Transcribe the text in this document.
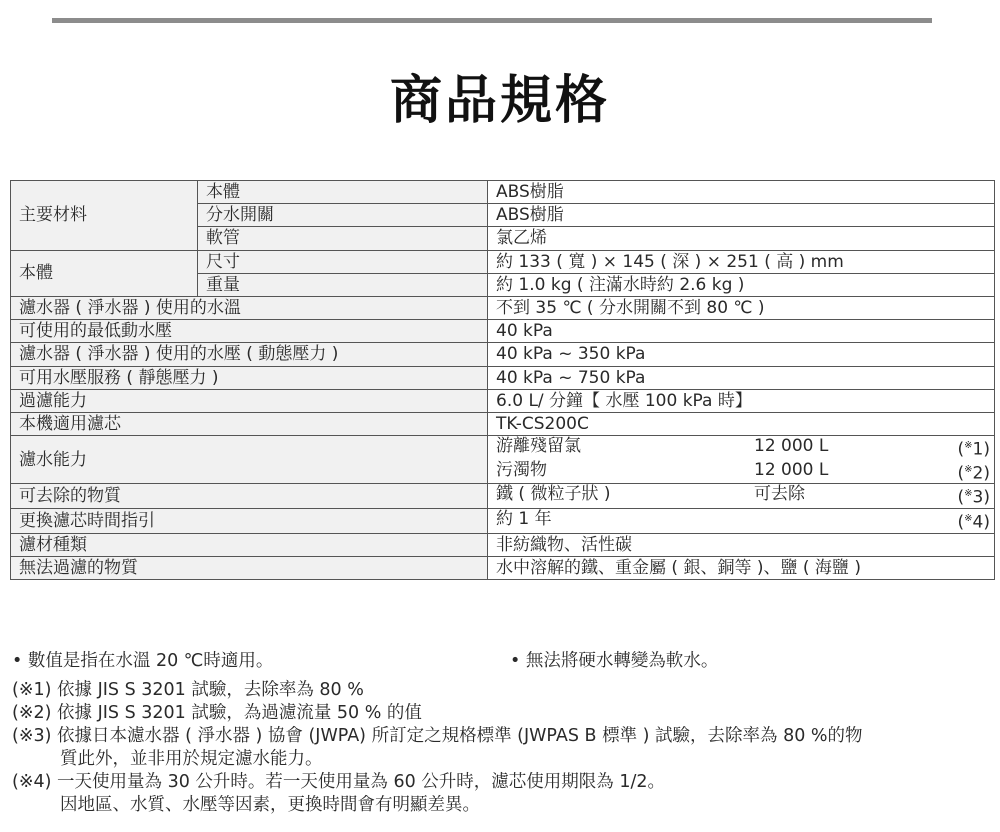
商品規格
主要材料	本體	ABS樹脂
	分水開關	ABS樹脂
	軟管	氯乙烯
本體	尺寸	約 133 ( 寬 ) × 145 ( 深 ) × 251 ( 高 ) mm
	重量	約 1.0 kg ( 注滿水時約 2.6 kg )
濾水器 ( 淨水器 ) 使用的水溫		不到 35 ℃ ( 分水開關不到 80 ℃ )
可使用的最低動水壓		40 kPa
濾水器 ( 淨水器 ) 使用的水壓 ( 動態壓力 )		40 kPa ~ 350 kPa
可用水壓服務 ( 靜態壓力 )		40 kPa ~ 750 kPa
過濾能力		6.0 L/ 分鐘【 水壓 100 kPa 時】
本機適用濾芯		TK-CS200C
濾水能力		游離殘留氯 12 000 L (※1)

		污濁物 12 000 L (※2)

可去除的物質		鐵 ( 微粒子狀 ) 可去除 (※3)

更換濾芯時間指引		約 1 年 (※4)

濾材種類		非紡織物、活性碳
無法過濾的物質		水中溶解的鐵、重金屬 ( 銀、銅等 )、鹽 ( 海鹽 )
• 數值是指在水溫 20 ℃時適用。	• 無法將硬水轉變為軟水。
(※1) 依據 JIS S 3201 試驗，去除率為 80 %
(※2) 依據 JIS S 3201 試驗，為過濾流量 50 % 的值
(※3) 依據日本濾水器 ( 淨水器 ) 協會 (JWPA) 所訂定之規格標準 (JWPAS B 標準 ) 試驗，去除率為 80 %的物
質此外，並非用於規定濾水能力。
(※4) 一天使用量為 30 公升時。若一天使用量為 60 公升時，濾芯使用期限為 1/2。
因地區、水質、水壓等因素，更換時間會有明顯差異。
